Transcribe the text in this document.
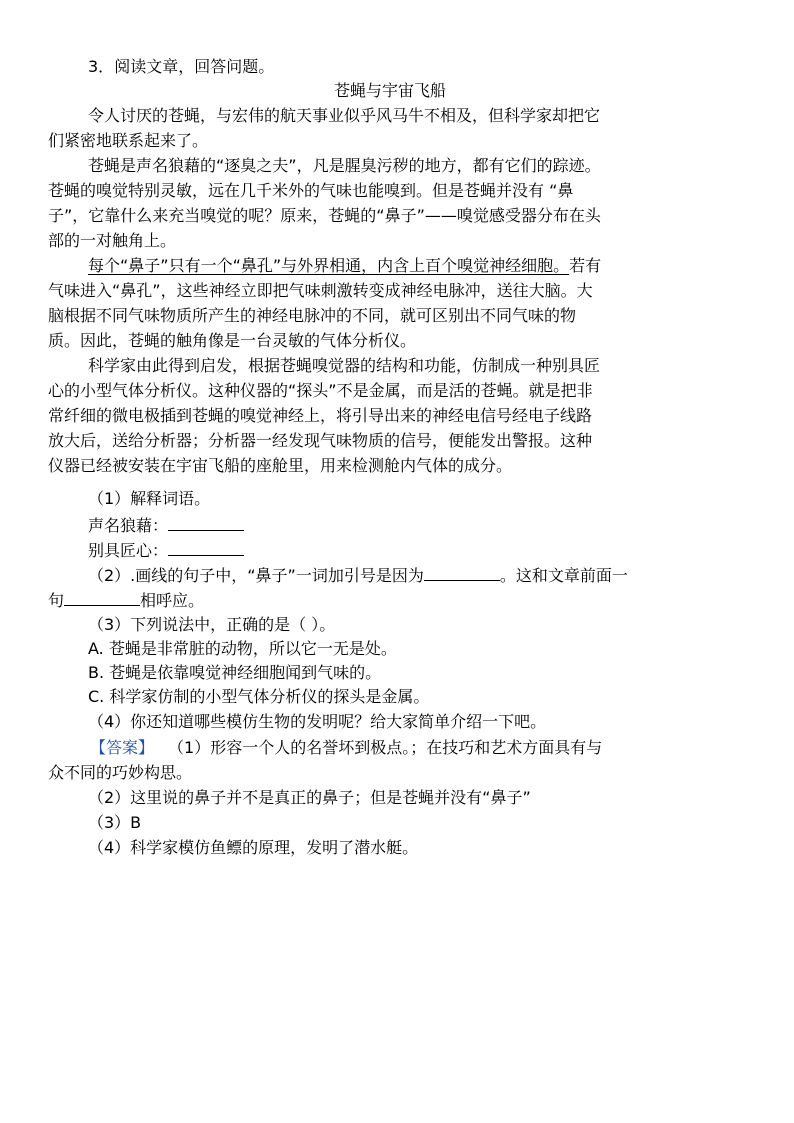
3．阅读文章，回答问题。
苍蝇与宇宙飞船
令人讨厌的苍蝇，与宏伟的航天事业似乎风马牛不相及，但科学家却把它
们紧密地联系起来了。
苍蝇是声名狼藉的“逐臭之夫”，凡是腥臭污秽的地方，都有它们的踪迹。
苍蝇的嗅觉特别灵敏，远在几千米外的气味也能嗅到。但是苍蝇并没有 “鼻
子”，它靠什么来充当嗅觉的呢？原来，苍蝇的“鼻子”——嗅觉感受器分布在头
部的一对触角上。
每个“鼻子”只有一个“鼻孔”与外界相通，内含上百个嗅觉神经细胞。若有
气味进入“鼻孔”，这些神经立即把气味刺激转变成神经电脉冲，送往大脑。大
脑根据不同气味物质所产生的神经电脉冲的不同，就可区别出不同气味的物
质。因此，苍蝇的触角像是一台灵敏的气体分析仪。
科学家由此得到启发，根据苍蝇嗅觉器的结构和功能，仿制成一种别具匠
心的小型气体分析仪。这种仪器的“探头”不是金属，而是活的苍蝇。就是把非
常纤细的微电极插到苍蝇的嗅觉神经上，将引导出来的神经电信号经电子线路
放大后，送给分析器；分析器一经发现气味物质的信号，便能发出警报。这种
仪器已经被安装在宇宙飞船的座舱里，用来检测舱内气体的成分。
（1）解释词语。
声名狼藉：
别具匠心：
（2）.画线的句子中，“鼻子”一词加引号是因为	。这和文章前面一
句	相呼应。
（3）下列说法中，正确的是（ ）。
A. 苍蝇是非常脏的动物，所以它一无是处。
B. 苍蝇是依靠嗅觉神经细胞闻到气味的。
C. 科学家仿制的小型气体分析仪的探头是金属。
（4）你还知道哪些模仿生物的发明呢？给大家简单介绍一下吧。
【答案】 （1）形容一个人的名誉坏到极点。；在技巧和艺术方面具有与
众不同的巧妙构思。
（2）这里说的鼻子并不是真正的鼻子；但是苍蝇并没有“鼻子”
（3）B
（4）科学家模仿鱼鳔的原理，发明了潜水艇。
